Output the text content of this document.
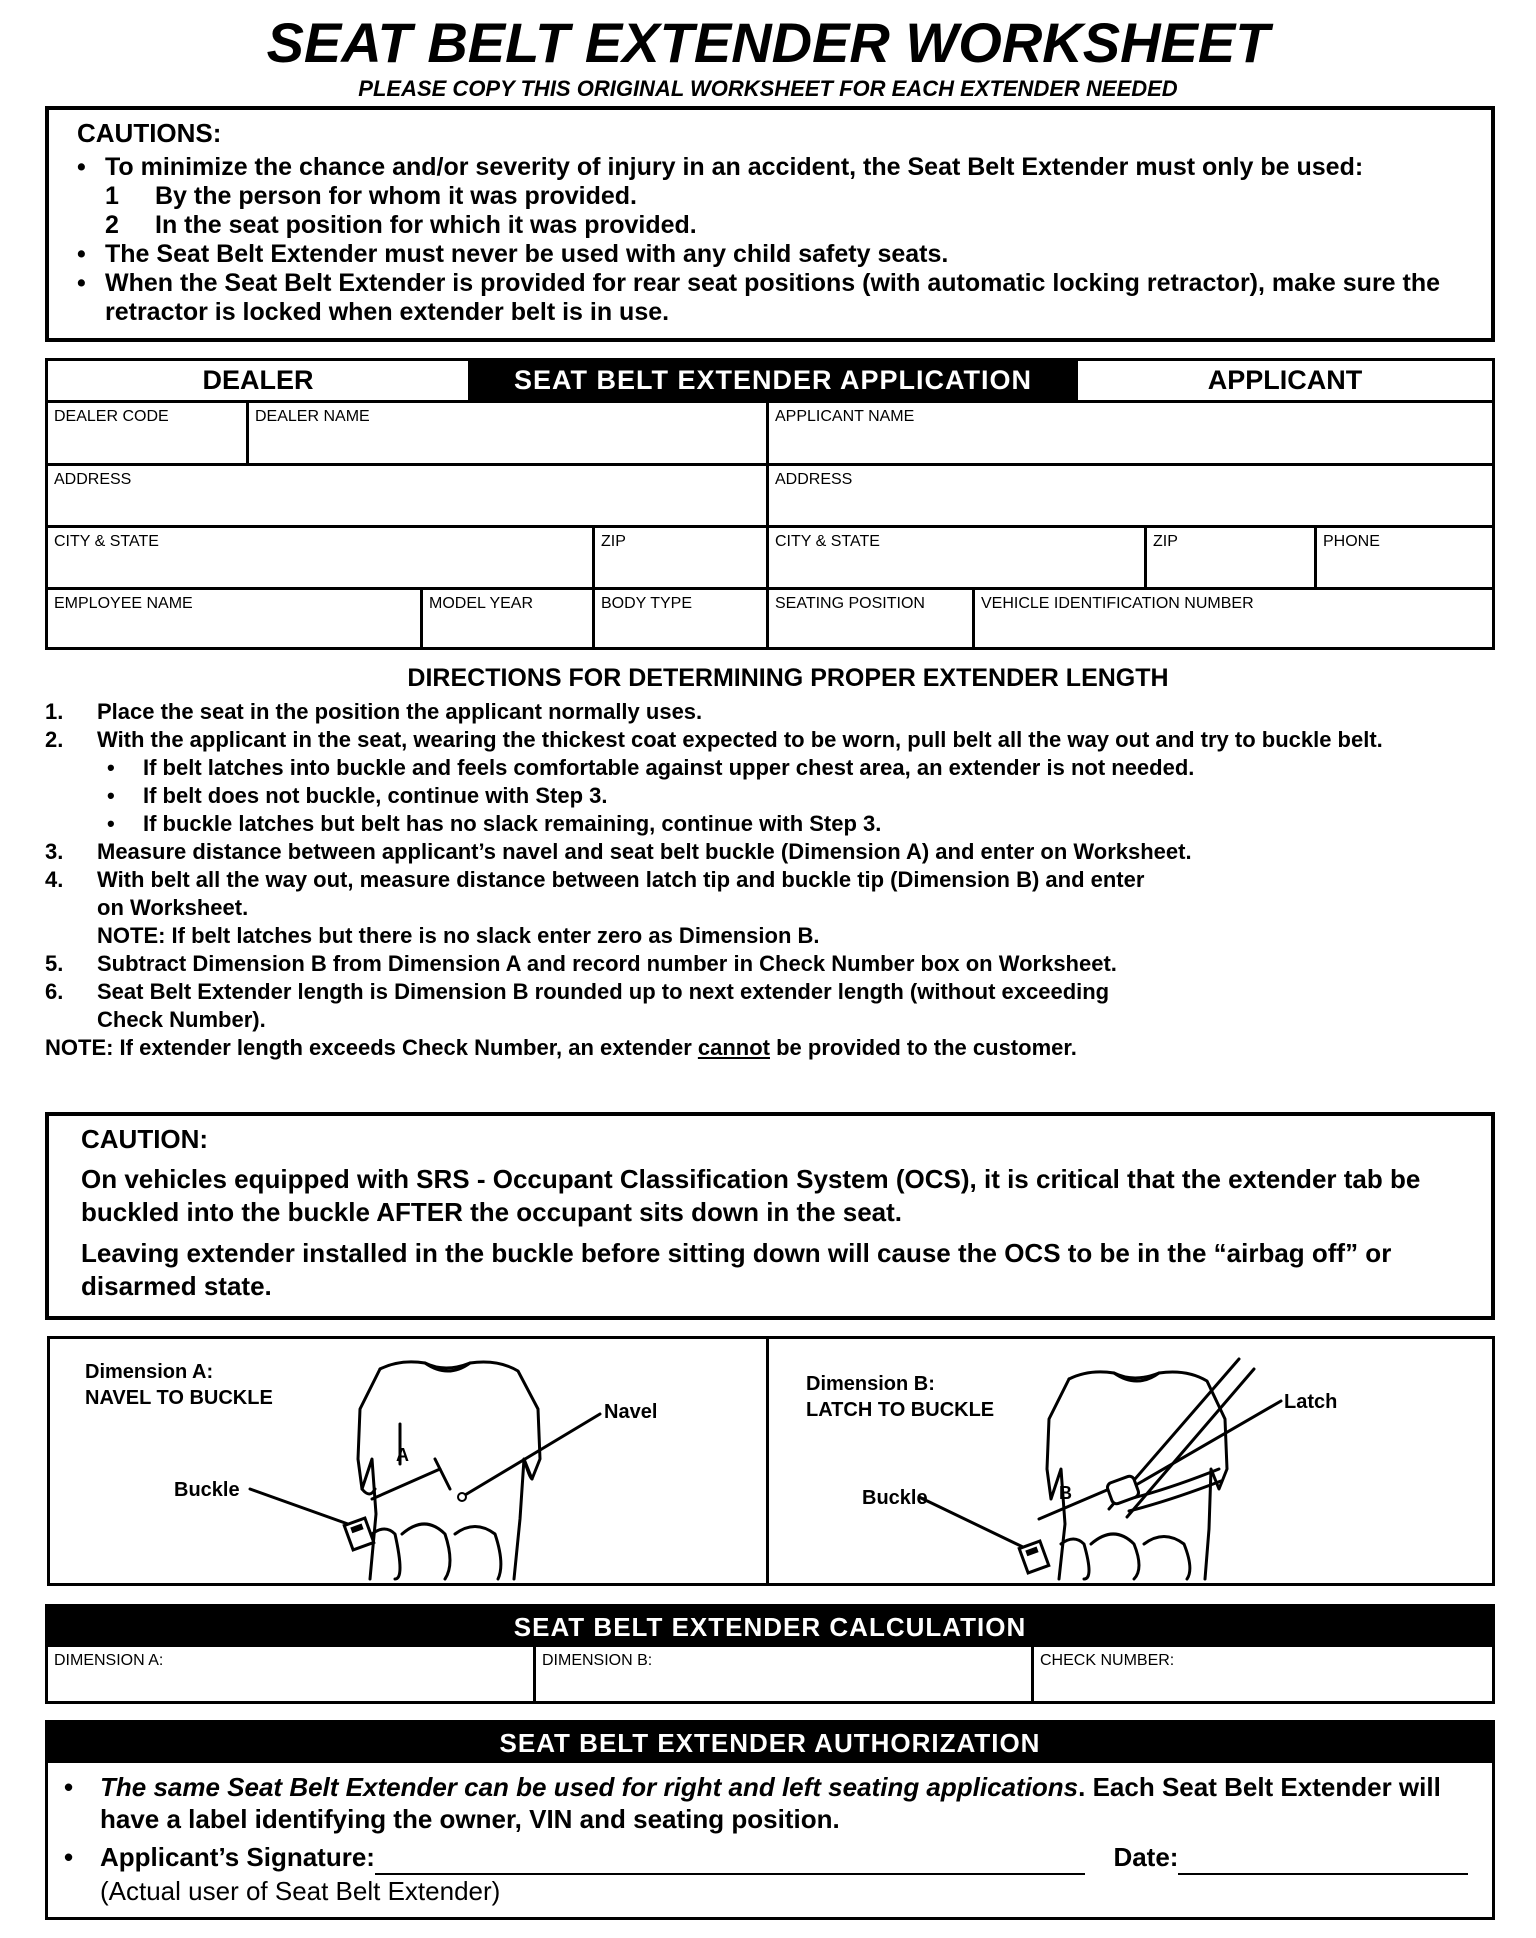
SEAT BELT EXTENDER WORKSHEET
PLEASE COPY THIS ORIGINAL WORKSHEET FOR EACH EXTENDER NEEDED
CAUTIONS:
• To minimize the chance and/or severity of injury in an accident, the Seat Belt Extender must only be used:
1 By the person for whom it was provided.
2 In the seat position for which it was provided.
• The Seat Belt Extender must never be used with any child safety seats.
• When the Seat Belt Extender is provided for rear seat positions (with automatic locking retractor), make sure the retractor is locked when extender belt is in use.
DEALER	SEAT BELT EXTENDER APPLICATION	APPLICANT
DEALER CODE	DEALER NAME	APPLICANT NAME
ADDRESS	ADDRESS
CITY & STATE	ZIP	CITY & STATE	ZIP	PHONE
EMPLOYEE NAME	MODEL YEAR	BODY TYPE	SEATING POSITION	VEHICLE IDENTIFICATION NUMBER
DIRECTIONS FOR DETERMINING PROPER EXTENDER LENGTH
1.	Place the seat in the position the applicant normally uses.
2.	With the applicant in the seat, wearing the thickest coat expected to be worn, pull belt all the way out and try to buckle belt.
•	If belt latches into buckle and feels comfortable against upper chest area, an extender is not needed.
•	If belt does not buckle, continue with Step 3.
•	If buckle latches but belt has no slack remaining, continue with Step 3.
3.	Measure distance between applicant’s navel and seat belt buckle (Dimension A) and enter on Worksheet.
4.	With belt all the way out, measure distance between latch tip and buckle tip (Dimension B) and enter
on Worksheet.
NOTE: If belt latches but there is no slack enter zero as Dimension B.
5.	Subtract Dimension B from Dimension A and record number in Check Number box on Worksheet.
6.	Seat Belt Extender length is Dimension B rounded up to next extender length (without exceeding
Check Number).
NOTE: If extender length exceeds Check Number, an extender cannot be provided to the customer.
CAUTION:

On vehicles equipped with SRS - Occupant Classification System (OCS), it is critical that the extender tab be buckled into the buckle AFTER the occupant sits down in the seat.

Leaving extender installed in the buckle before sitting down will cause the OCS to be in the “airbag off” or disarmed state.

Dimension A:
NAVEL TO BUCKLE
Buckle
Navel
A
Dimension B:
LATCH TO BUCKLE
Buckle
Latch
B
SEAT BELT EXTENDER CALCULATION
DIMENSION A:	DIMENSION B:	CHECK NUMBER:
SEAT BELT EXTENDER AUTHORIZATION
•	The same Seat Belt Extender can be used for right and left seating applications. Each Seat Belt Extender will have a label identifying the owner, VIN and seating position.
•	Applicant’s Signature:	Date:
(Actual user of Seat Belt Extender)
